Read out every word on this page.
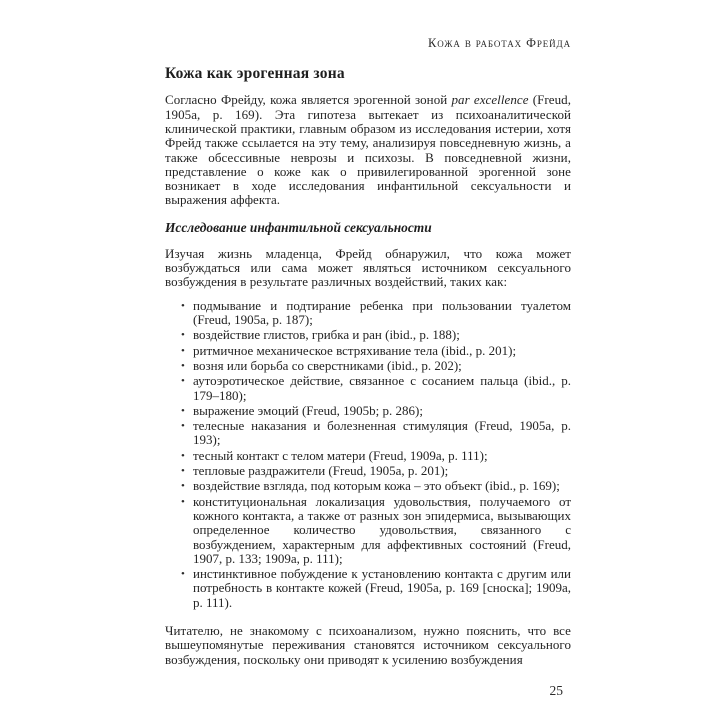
Кожа в работах Фрейда
Кожа как эрогенная зона

Согласно Фрейду, кожа является эрогенной зоной par excellence (Freud, 1905a, p. 169). Эта гипотеза вытекает из психоаналитической клинической практики, главным образом из исследования истерии, хотя Фрейд также ссылается на эту тему, анализируя повседневную жизнь, а также обсессивные неврозы и психозы. В повседневной жизни, представление о коже как о привилегированной эрогенной зоне возникает в ходе исследования инфантильной сексуальности и выражения аффекта.

Исследование инфантильной сексуальности

Изучая жизнь младенца, Фрейд обнаружил, что кожа может возбуждаться или сама может являться источником сексуального возбуждения в результате различных воздействий, таких как:

• подмывание и подтирание ребенка при пользовании туалетом (Freud, 1905a, p. 187);
• воздействие глистов, грибка и ран (ibid., p. 188);
• ритмичное механическое встряхивание тела (ibid., p. 201);
• возня или борьба со сверстниками (ibid., p. 202);
• аутоэротическое действие, связанное с сосанием пальца (ibid., p. 179–180);
• выражение эмоций (Freud, 1905b; p. 286);
• телесные наказания и болезненная стимуляция (Freud, 1905a, p. 193);
• тесный контакт с телом матери (Freud, 1909a, p. 111);
• тепловые раздражители (Freud, 1905a, p. 201);
• воздействие взгляда, под которым кожа – это объект (ibid., p. 169);
• конституциональная локализация удовольствия, получаемого от кожного контакта, а также от разных зон эпидермиса, вызывающих определенное количество удовольствия, связанного с возбуждением, характерным для аффективных состояний (Freud, 1907, p. 133; 1909a, p. 111);
• инстинктивное побуждение к установлению контакта с другим или потребность в контакте кожей (Freud, 1905a, p. 169 [сноска]; 1909a, p. 111).

Читателю, не знакомому с психоанализом, нужно пояснить, что все вышеупомянутые переживания становятся источником сексуального возбуждения, поскольку они приводят к усилению возбуждения

25
